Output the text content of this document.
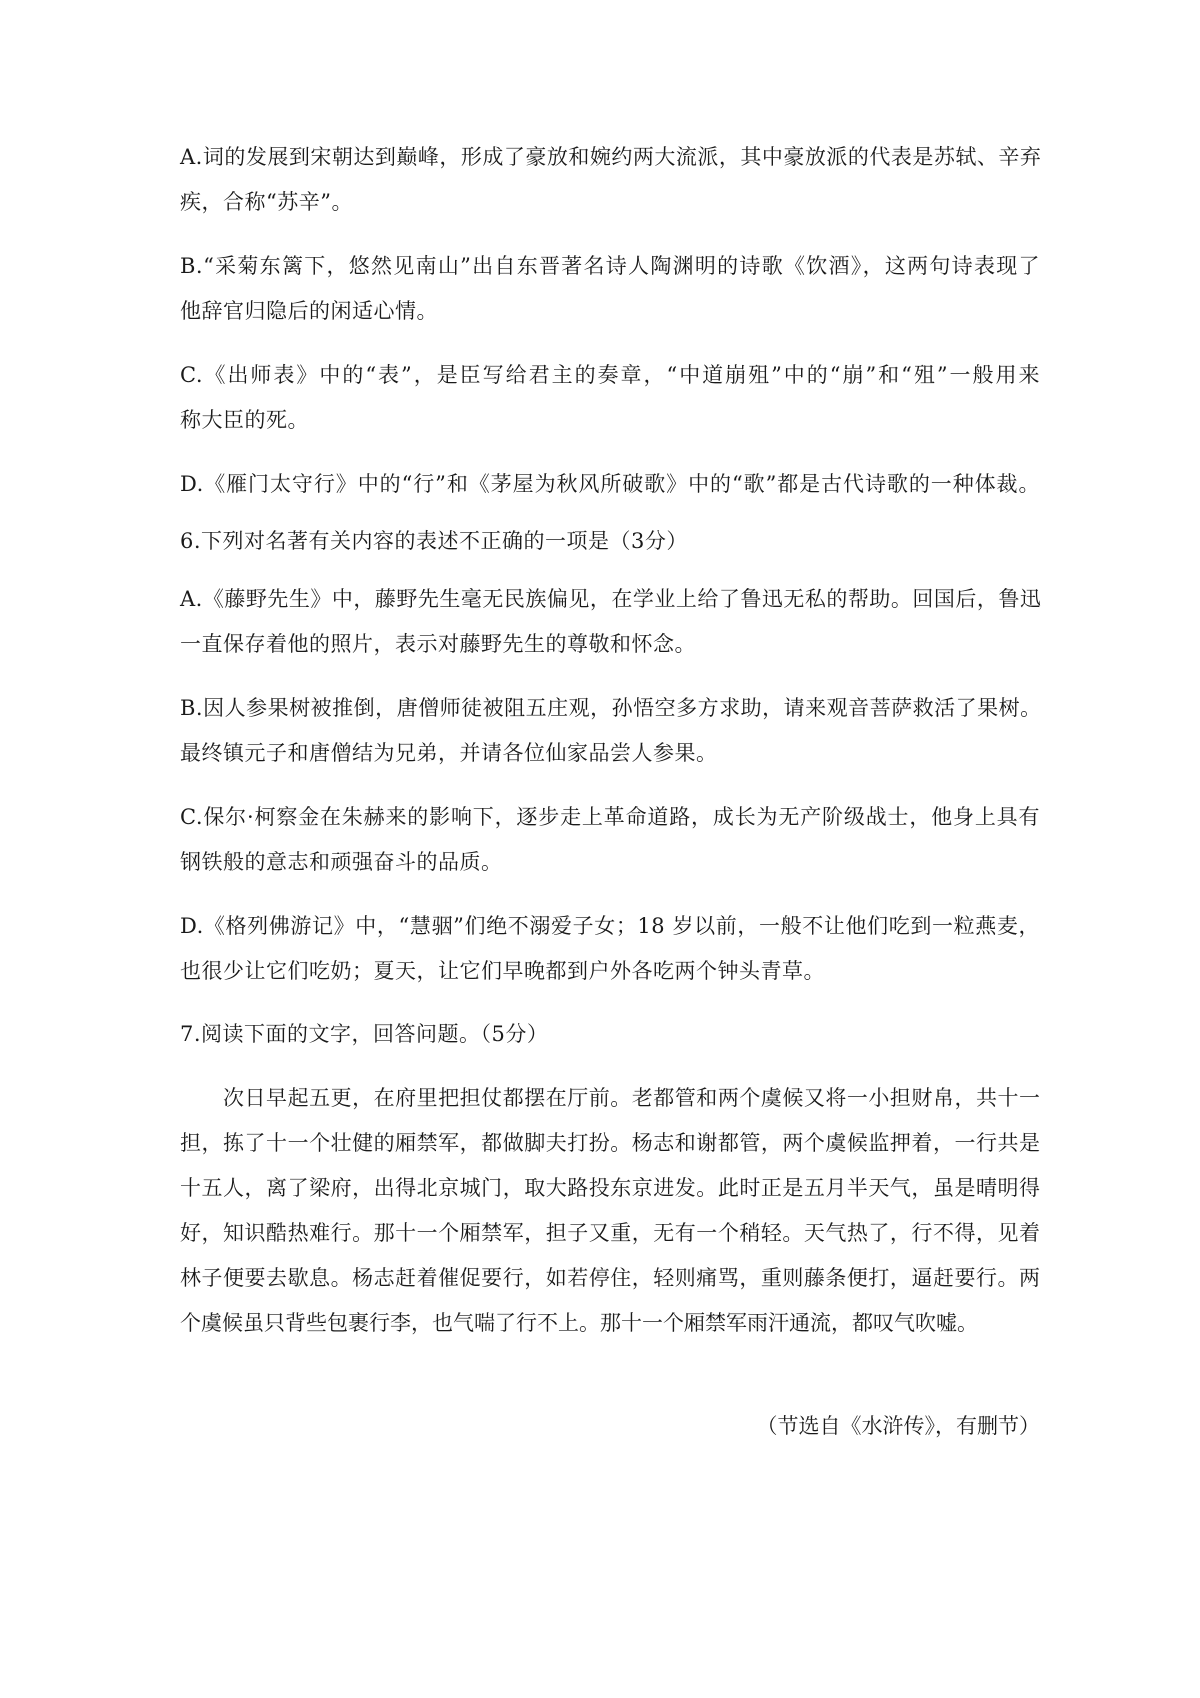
A.词的发展到宋朝达到巅峰，形成了豪放和婉约两大流派，其中豪放派的代表是苏轼、辛弃
疾，合称“苏辛”。
B.“采菊东篱下，悠然见南山”出自东晋著名诗人陶渊明的诗歌《饮酒》，这两句诗表现了
他辞官归隐后的闲适心情。
C.《出师表》中的“表”，是臣写给君主的奏章，“中道崩殂”中的“崩”和“殂”一般用来
称大臣的死。
D.《雁门太守行》中的“行”和《茅屋为秋风所破歌》中的“歌”都是古代诗歌的一种体裁。
6.下列对名著有关内容的表述不正确的一项是（3分）
A.《藤野先生》中，藤野先生毫无民族偏见，在学业上给了鲁迅无私的帮助。回国后，鲁迅
一直保存着他的照片，表示对藤野先生的尊敬和怀念。
B.因人参果树被推倒，唐僧师徒被阻五庄观，孙悟空多方求助，请来观音菩萨救活了果树。
最终镇元子和唐僧结为兄弟，并请各位仙家品尝人参果。
C.保尔·柯察金在朱赫来的影响下，逐步走上革命道路，成长为无产阶级战士，他身上具有
钢铁般的意志和顽强奋斗的品质。
D.《格列佛游记》中，“慧骃”们绝不溺爱子女；18 岁以前，一般不让他们吃到一粒燕麦，
也很少让它们吃奶；夏天，让它们早晚都到户外各吃两个钟头青草。
7.阅读下面的文字，回答问题。（5分）
　　次日早起五更，在府里把担仗都摆在厅前。老都管和两个虞候又将一小担财帛，共十一
担，拣了十一个壮健的厢禁军，都做脚夫打扮。杨志和谢都管，两个虞候监押着，一行共是
十五人，离了梁府，出得北京城门，取大路投东京进发。此时正是五月半天气，虽是晴明得
好，知识酷热难行。那十一个厢禁军，担子又重，无有一个稍轻。天气热了，行不得，见着
林子便要去歇息。杨志赶着催促要行，如若停住，轻则痛骂，重则藤条便打，逼赶要行。两
个虞候虽只背些包裹行李，也气喘了行不上。那十一个厢禁军雨汗通流，都叹气吹嘘。
（节选自《水浒传》，有删节）
